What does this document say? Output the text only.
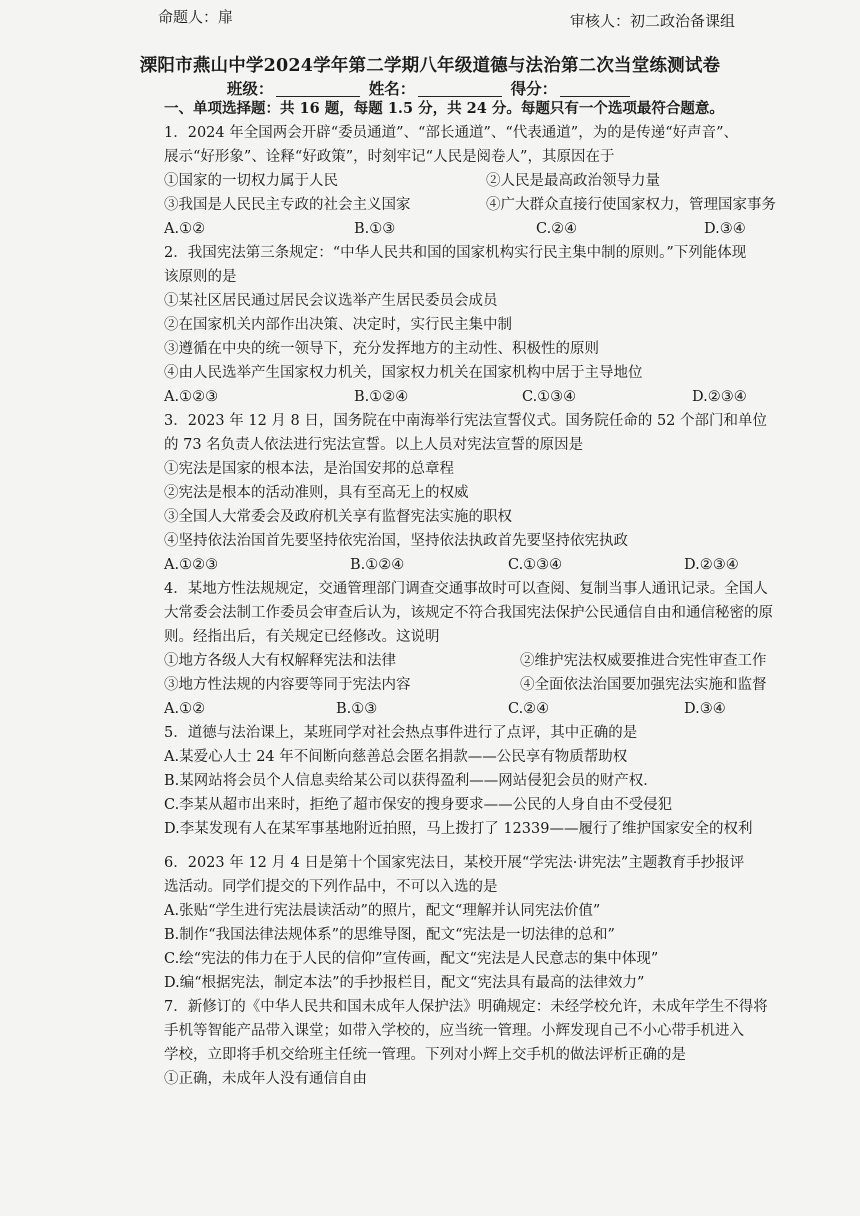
命题人：扉	审核人：初二政治备课组
溧阳市燕山中学2024学年第二学期八年级道德与法治第二次当堂练测试卷
班级：	姓名：	得分：
一、单项选择题：共 16 题，每题 1.5 分，共 24 分。每题只有一个选项最符合题意。
1．2024 年全国两会开辟“委员通道”、“部长通道”、“代表通道”，为的是传递“好声音”、
展示“好形象”、诠释“好政策”，时刻牢记“人民是阅卷人”，其原因在于
①国家的一切权力属于人民	②人民是最高政治领导力量
③我国是人民民主专政的社会主义国家	④广大群众直接行使国家权力，管理国家事务
A.①②	B.①③	C.②④	D.③④
2．我国宪法第三条规定：“中华人民共和国的国家机构实行民主集中制的原则。”下列能体现
该原则的是
①某社区居民通过居民会议选举产生居民委员会成员
②在国家机关内部作出决策、决定时，实行民主集中制
③遵循在中央的统一领导下，充分发挥地方的主动性、积极性的原则
④由人民选举产生国家权力机关，国家权力机关在国家机构中居于主导地位
A.①②③	B.①②④	C.①③④	D.②③④
3．2023 年 12 月 8 日，国务院在中南海举行宪法宣誓仪式。国务院任命的 52 个部门和单位
的 73 名负责人依法进行宪法宣誓。以上人员对宪法宣誓的原因是
①宪法是国家的根本法，是治国安邦的总章程
②宪法是根本的活动准则，具有至高无上的权威
③全国人大常委会及政府机关享有监督宪法实施的职权
④坚持依法治国首先要坚持依宪治国，坚持依法执政首先要坚持依宪执政
A.①②③	B.①②④	C.①③④	D.②③④
4．某地方性法规规定，交通管理部门调查交通事故时可以查阅、复制当事人通讯记录。全国人
大常委会法制工作委员会审查后认为，该规定不符合我国宪法保护公民通信自由和通信秘密的原
则。经指出后，有关规定已经修改。这说明
①地方各级人大有权解释宪法和法律	②维护宪法权威要推进合宪性审查工作
③地方性法规的内容要等同于宪法内容	④全面依法治国要加强宪法实施和监督
A.①②	B.①③	C.②④	D.③④
5．道德与法治课上，某班同学对社会热点事件进行了点评，其中正确的是
A.某爱心人士 24 年不间断向慈善总会匿名捐款——公民享有物质帮助权
B.某网站将会员个人信息卖给某公司以获得盈利——网站侵犯会员的财产权．
C.李某从超市出来时，拒绝了超市保安的搜身要求——公民的人身自由不受侵犯
D.李某发现有人在某军事基地附近拍照，马上拨打了 12339——履行了维护国家安全的权利
6．2023 年 12 月 4 日是第十个国家宪法日，某校开展“学宪法·讲宪法”主题教育手抄报评
选活动。同学们提交的下列作品中，不可以入选的是
A.张贴“学生进行宪法晨读活动”的照片，配文“理解并认同宪法价值”
B.制作“我国法律法规体系”的思维导图，配文“宪法是一切法律的总和”
C.绘“宪法的伟力在于人民的信仰”宣传画，配文“宪法是人民意志的集中体现”
D.编“根据宪法，制定本法”的手抄报栏目，配文“宪法具有最高的法律效力”
7．新修订的《中华人民共和国未成年人保护法》明确规定：未经学校允许，未成年学生不得将
手机等智能产品带入课堂；如带入学校的，应当统一管理。小辉发现自己不小心带手机进入
学校，立即将手机交给班主任统一管理。下列对小辉上交手机的做法评析正确的是
①正确，未成年人没有通信自由
